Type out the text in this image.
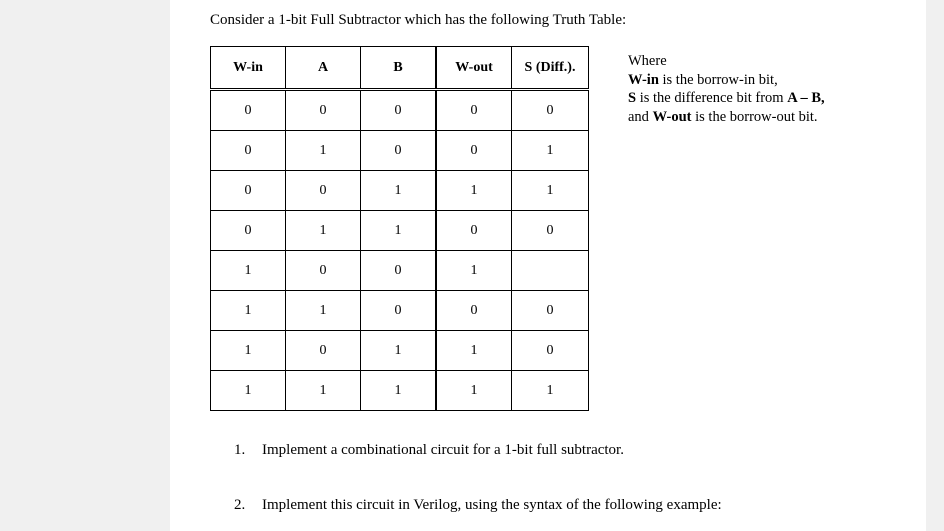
Consider a 1-bit Full Subtractor which has the following Truth Table:

W-in	A	B	W-out	S (Diff.).
0	0	0	0	0
0	1	0	0	1
0	0	1	1	1
0	1	1	0	0
1	0	0	1	
1	1	0	0	0
1	0	1	1	0
1	1	1	1	1

Where
W-in is the borrow-in bit,
S is the difference bit from A – B,
and W-out is the borrow-out bit.

1. Implement a combinational circuit for a 1-bit full subtractor.

2. Implement this circuit in Verilog, using the syntax of the following example:
